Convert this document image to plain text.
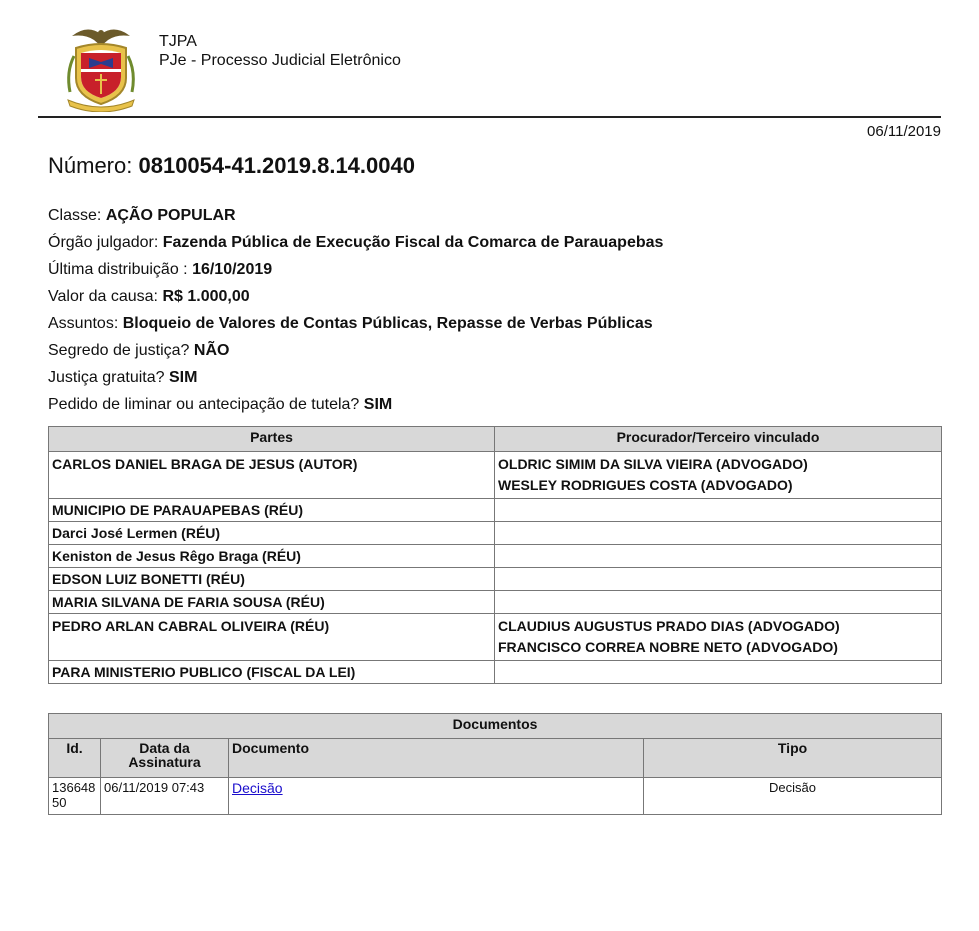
TJPA
PJe - Processo Judicial Eletrônico
06/11/2019
Número: 0810054-41.2019.8.14.0040
Classe: AÇÃO POPULAR
Órgão julgador: Fazenda Pública de Execução Fiscal da Comarca de Parauapebas
Última distribuição : 16/10/2019
Valor da causa: R$ 1.000,00
Assuntos: Bloqueio de Valores de Contas Públicas, Repasse de Verbas Públicas
Segredo de justiça? NÃO
Justiça gratuita? SIM
Pedido de liminar ou antecipação de tutela? SIM
Partes	Procurador/Terceiro vinculado

CARLOS DANIEL BRAGA DE JESUS (AUTOR)	OLDRIC SIMIM DA SILVA VIEIRA (ADVOGADO)
WESLEY RODRIGUES COSTA (ADVOGADO)

MUNICIPIO DE PARAUAPEBAS (RÉU)	
Darci José Lermen (RÉU)	
Keniston de Jesus Rêgo Braga (RÉU)	
EDSON LUIZ BONETTI (RÉU)	
MARIA SILVANA DE FARIA SOUSA (RÉU)	

PEDRO ARLAN CABRAL OLIVEIRA (RÉU)	CLAUDIUS AUGUSTUS PRADO DIAS (ADVOGADO)
FRANCISCO CORREA NOBRE NETO (ADVOGADO)

PARA MINISTERIO PUBLICO (FISCAL DA LEI)	
Documentos			
Id.	Data da Assinatura	Documento	Tipo
13664850	06/11/2019 07:43	Decisão	Decisão
